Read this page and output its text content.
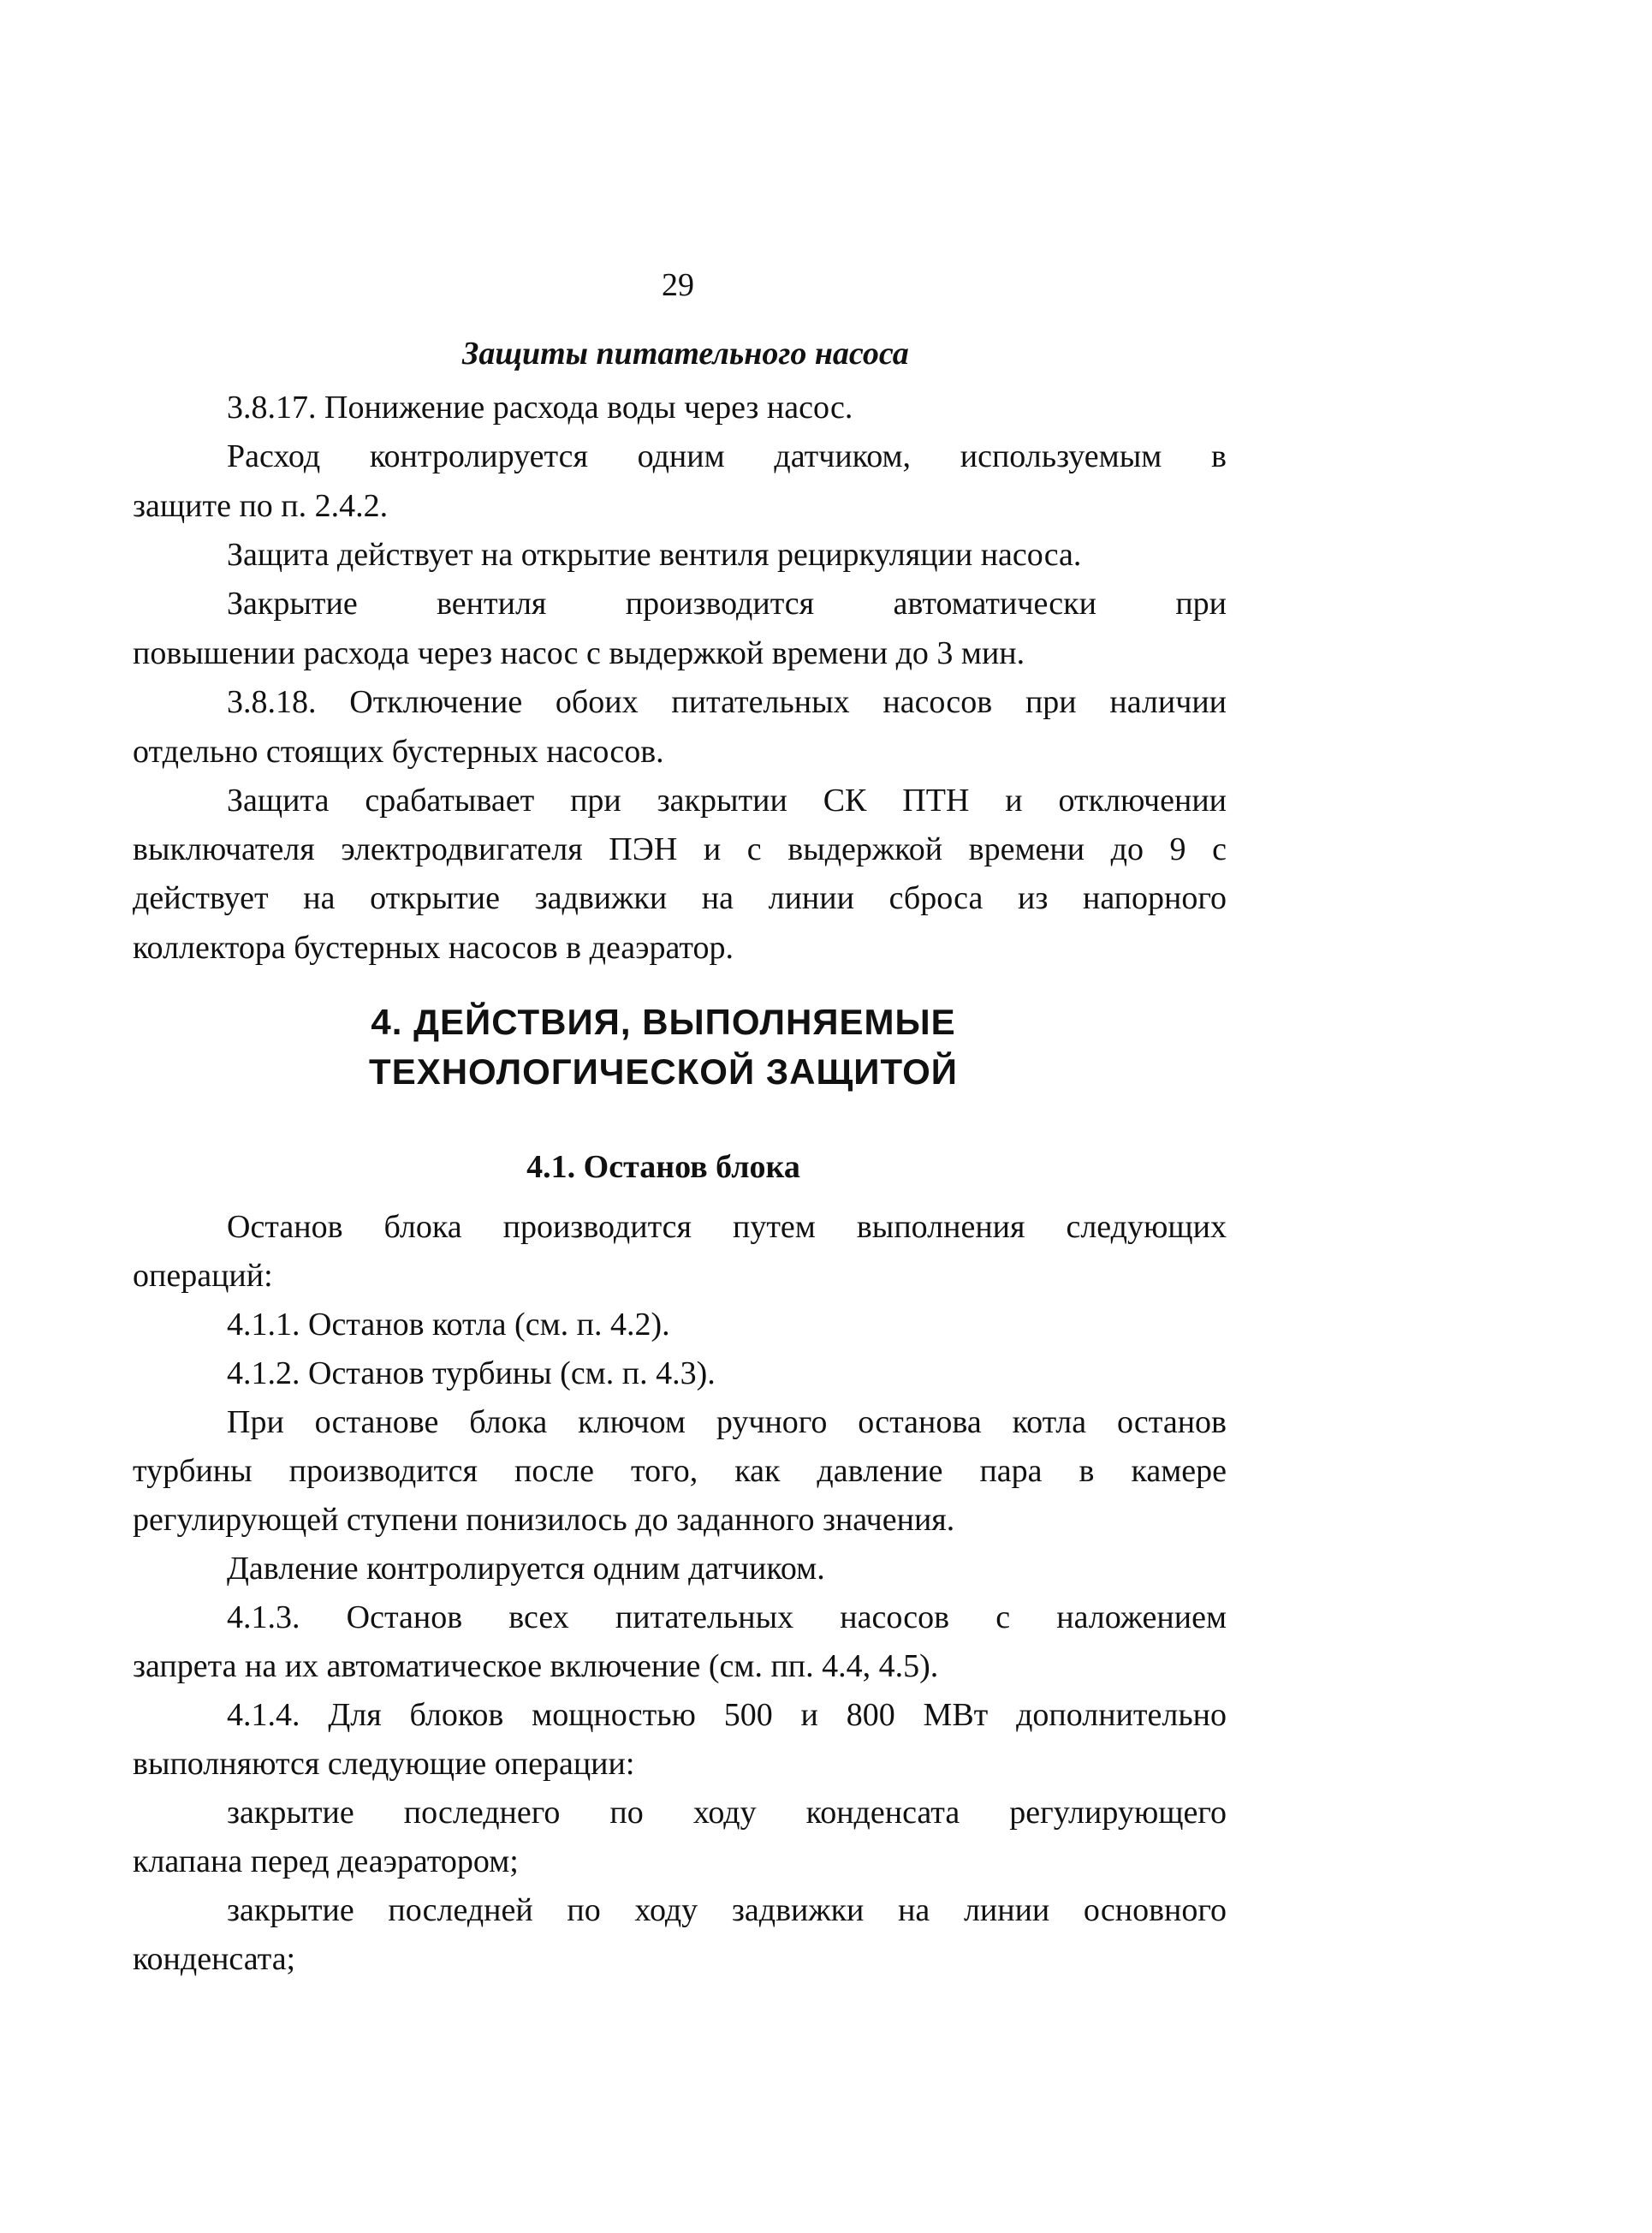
29
Защиты питательного насоса
3.8.17. Понижение расхода воды через насос.
Расход контролируется одним датчиком, используемым в
защите по п. 2.4.2.
Защита действует на открытие вентиля рециркуляции насоса.
Закрытие вентиля производится автоматически при
повышении расхода через насос с выдержкой времени до 3 мин.
3.8.18. Отключение обоих питательных насосов при наличии
отдельно стоящих бустерных насосов.
Защита срабатывает при закрытии СК ПТН и отключении
выключателя электродвигателя ПЭН и с выдержкой времени до 9 с
действует на открытие задвижки на линии сброса из напорного
коллектора бустерных насосов в деаэратор.
4. ДЕЙСТВИЯ, ВЫПОЛНЯЕМЫЕ
ТЕХНОЛОГИЧЕСКОЙ ЗАЩИТОЙ
4.1. Останов блока
Останов блока производится путем выполнения следующих
операций:
4.1.1. Останов котла (см. п. 4.2).
4.1.2. Останов турбины (см. п. 4.3).
При останове блока ключом ручного останова котла останов
турбины производится после того, как давление пара в камере
регулирующей ступени понизилось до заданного значения.
Давление контролируется одним датчиком.
4.1.3. Останов всех питательных насосов с наложением
запрета на их автоматическое включение (см. пп. 4.4, 4.5).
4.1.4. Для блоков мощностью 500 и 800 МВт дополнительно
выполняются следующие операции:
закрытие последнего по ходу конденсата регулирующего
клапана перед деаэратором;
закрытие последней по ходу задвижки на линии основного
конденсата;
